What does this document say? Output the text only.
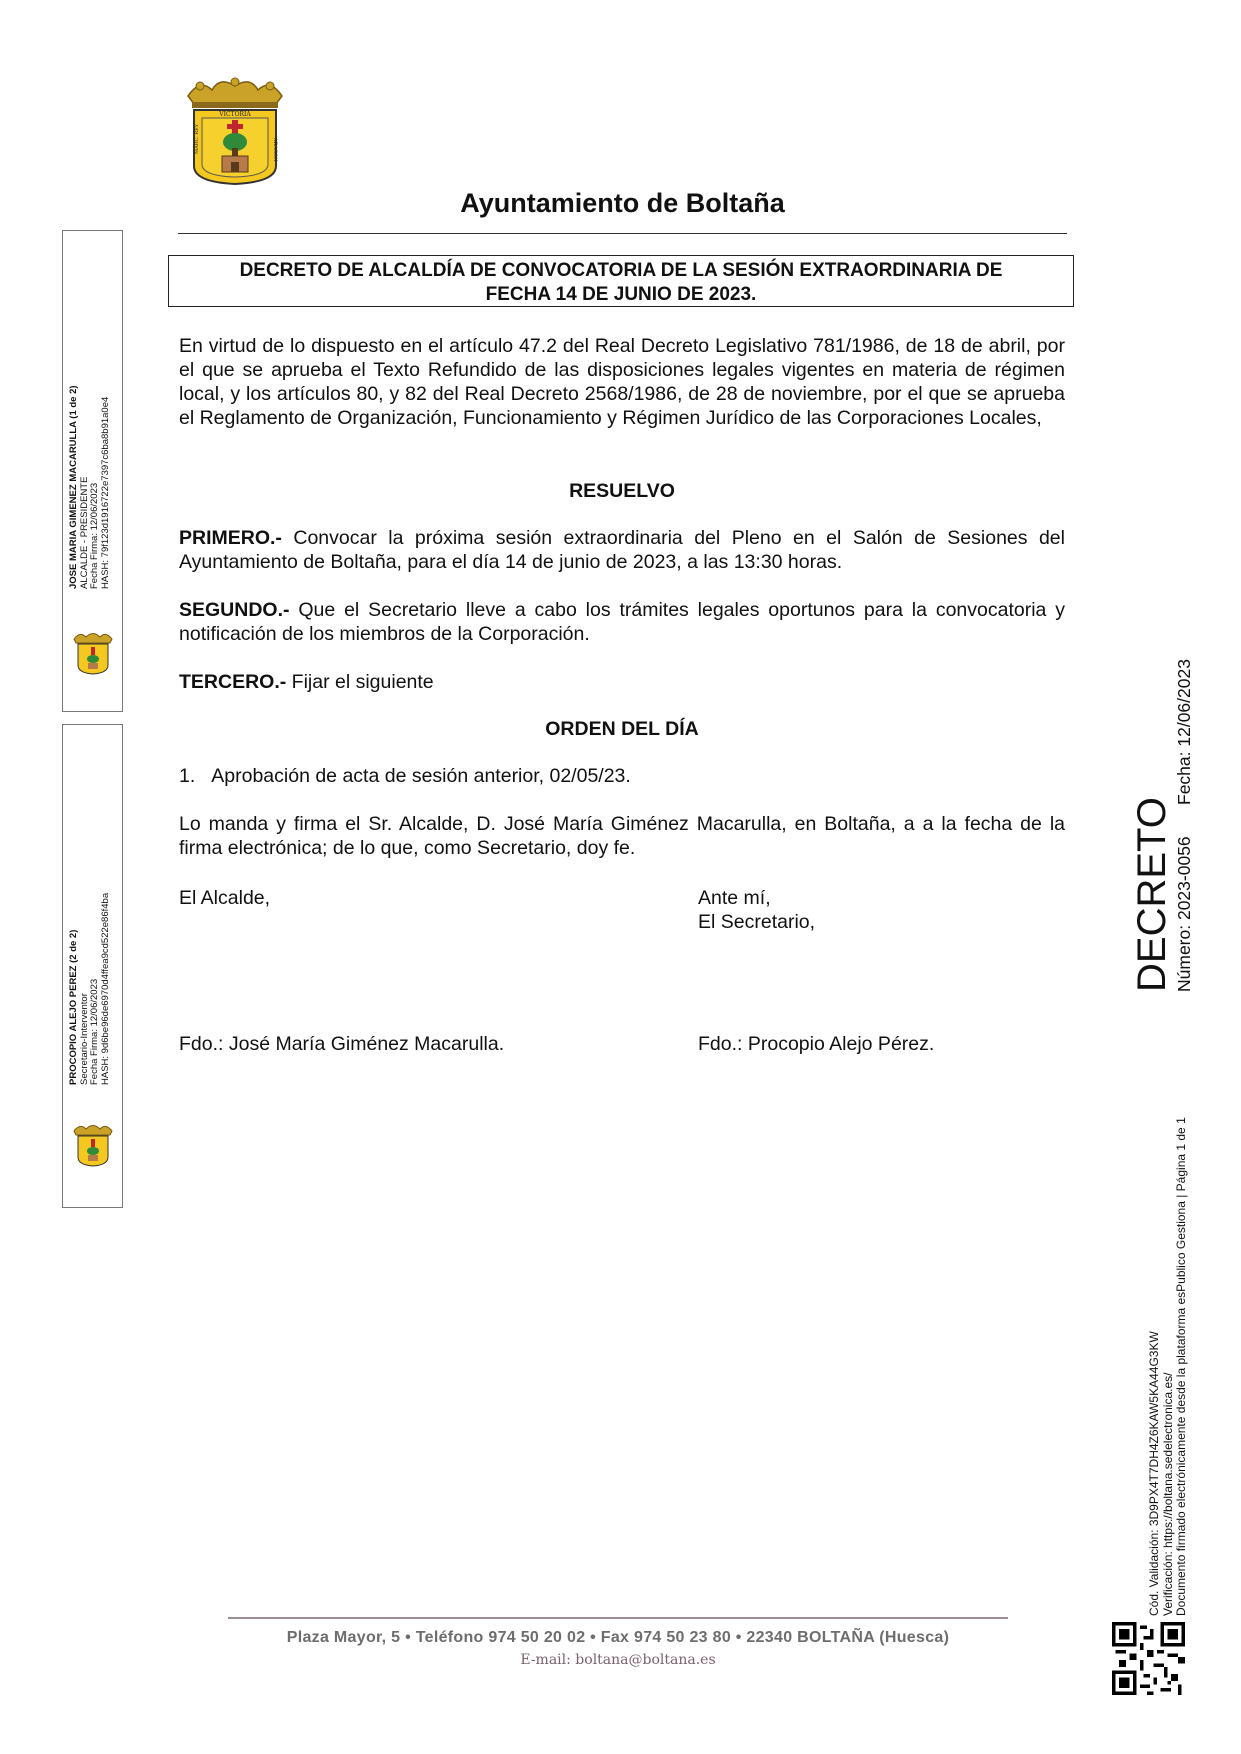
VICTORIA
MARC. REY	ARAGON
Ayuntamiento de Boltaña
DECRETO DE ALCALDÍA DE CONVOCATORIA DE LA SESIÓN EXTRAORDINARIA DE
FECHA 14 DE JUNIO DE 2023.
En virtud de lo dispuesto en el artículo 47.2 del Real Decreto Legislativo 781/1986, de 18 de abril, por el que se aprueba el Texto Refundido de las disposiciones legales vigentes en materia de régimen local, y los artículos 80, y 82 del Real Decreto 2568/1986, de 28 de noviembre, por el que se aprueba el Reglamento de Organización, Funcionamiento y Régimen Jurídico de las Corporaciones Locales,
RESUELVO
PRIMERO.- Convocar la próxima sesión extraordinaria del Pleno en el Salón de Sesiones del Ayuntamiento de Boltaña, para el día 14 de junio de 2023, a las 13:30 horas.
SEGUNDO.- Que el Secretario lleve a cabo los trámites legales oportunos para la convocatoria y notificación de los miembros de la Corporación.
TERCERO.- Fijar el siguiente
ORDEN DEL DÍA
1. Aprobación de acta de sesión anterior, 02/05/23.
Lo manda y firma el Sr. Alcalde, D. José María Giménez Macarulla, en Boltaña, a a la fecha de la firma electrónica; de lo que, como Secretario, doy fe.
El Alcalde,	Ante mí,
El Secretario,
Fdo.: José María Giménez Macarulla.	Fdo.: Procopio Alejo Pérez.
JOSE MARIA GIMENEZ MACARULLA (1 de 2) ALCALDE - PRESIDENTE Fecha Firma: 12/06/2023 HASH: 79f123d1916722e7397c6ba8b91a0e4
PROCOPIO ALEJO PEREZ (2 de 2) Secretario-Interventor Fecha Firma: 12/06/2023 HASH: 9d6be96de6970d4ffea9cd522e86f4ba	DECRETO Número: 2023-0056
Fecha: 12/06/2023
Cód. Validación: 3D9PX4T7DH4Z6KAW5KA44G3KW Verificación: https://boltana.sedelectronica.es/ Documento firmado electrónicamente desde la plataforma esPublico Gestiona | Página 1 de 1
Plaza Mayor, 5 • Teléfono 974 50 20 02 • Fax 974 50 23 80 • 22340 BOLTAÑA (Huesca)
E-mail: boltana@boltana.es
